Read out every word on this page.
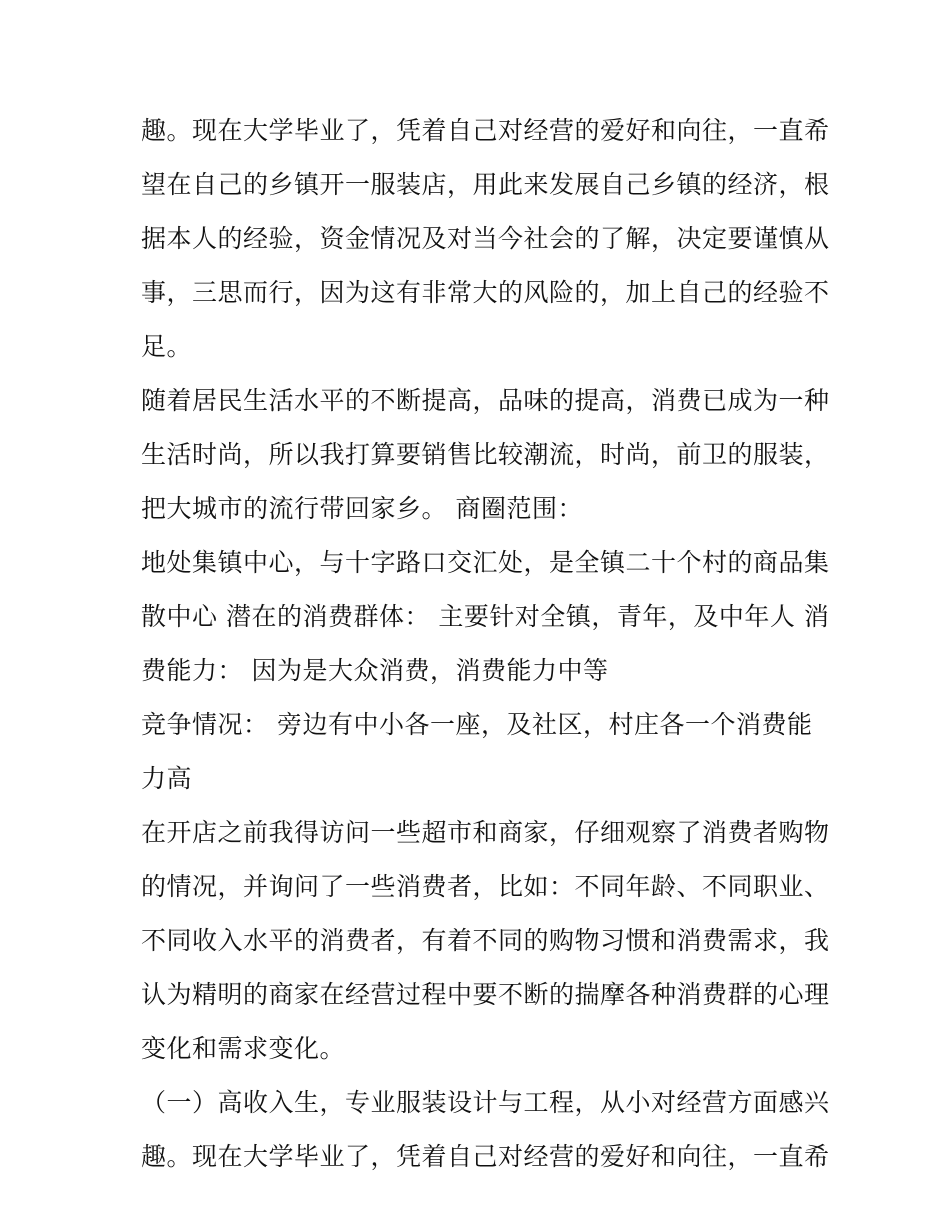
趣。现在大学毕业了，凭着自己对经营的爱好和向往，一直希
望在自己的乡镇开一服装店，用此来发展自己乡镇的经济，根
据本人的经验，资金情况及对当今社会的了解，决定要谨慎从
事，三思而行，因为这有非常大的风险的，加上自己的经验不
足。
随着居民生活水平的不断提高，品味的提高，消费已成为一种
生活时尚，所以我打算要销售比较潮流，时尚，前卫的服装，
把大城市的流行带回家乡。 商圈范围：
地处集镇中心，与十字路口交汇处，是全镇二十个村的商品集
散中心 潜在的消费群体： 主要针对全镇，青年，及中年人 消
费能力： 因为是大众消费，消费能力中等
竞争情况： 旁边有中小各一座，及社区，村庄各一个消费能
力高
在开店之前我得访问一些超市和商家，仔细观察了消费者购物
的情况，并询问了一些消费者，比如：不同年龄、不同职业、
不同收入水平的消费者，有着不同的购物习惯和消费需求，我
认为精明的商家在经营过程中要不断的揣摩各种消费群的心理
变化和需求变化。
（一）高收入生，专业服装设计与工程，从小对经营方面感兴
趣。现在大学毕业了，凭着自己对经营的爱好和向往，一直希
